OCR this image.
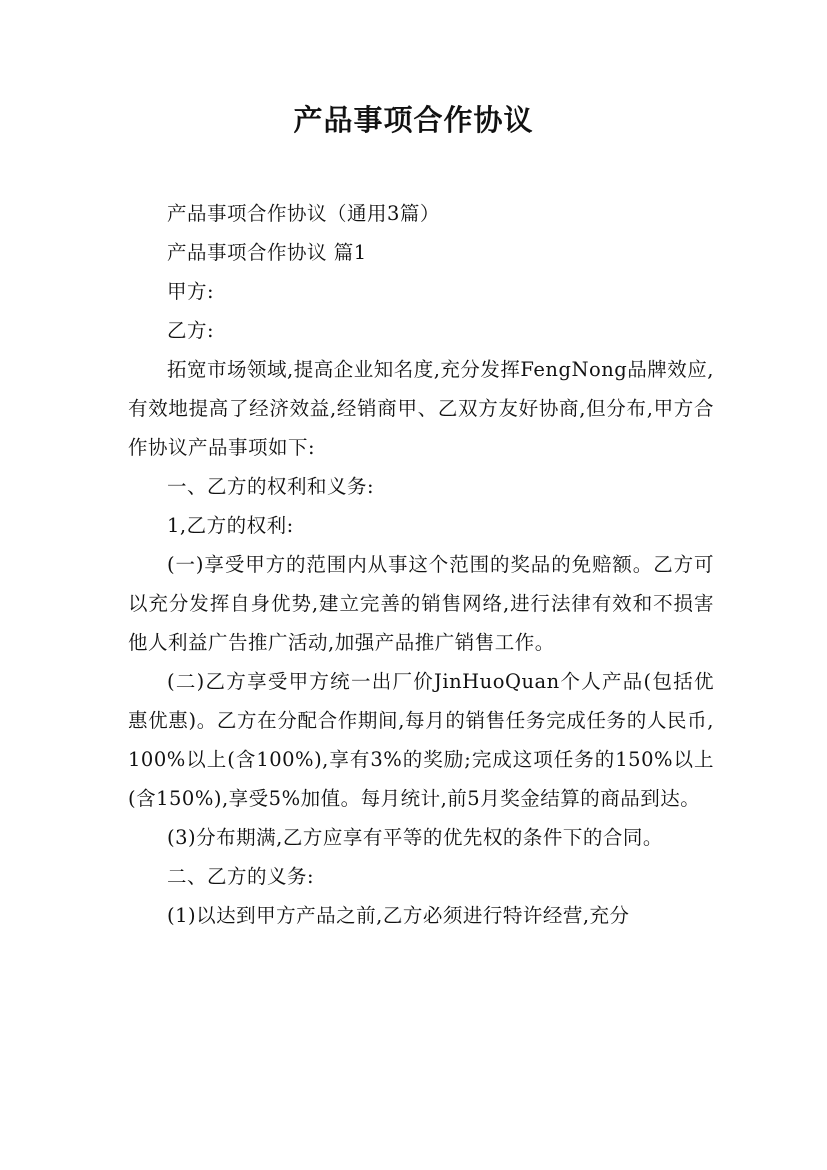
产品事项合作协议

产品事项合作协议（通用3篇）

产品事项合作协议 篇1

甲方:

乙方:

拓宽市场领域,提高企业知名度,充分发挥FengNong品牌效应,有效地提高了经济效益,经销商甲、乙双方友好协商,但分布,甲方合作协议产品事项如下:

一、乙方的权利和义务:

1,乙方的权利:

(一)享受甲方的范围内从事这个范围的奖品的免赔额。乙方可以充分发挥自身优势,建立完善的销售网络,进行法律有效和不损害他人利益广告推广活动,加强产品推广销售工作。

(二)乙方享受甲方统一出厂价JinHuoQuan个人产品(包括优惠优惠)。乙方在分配合作期间,每月的销售任务完成任务的人民币,100%以上(含100%),享有3%的奖励;完成这项任务的150%以上(含150%),享受5%加值。每月统计,前5月奖金结算的商品到达。

(3)分布期满,乙方应享有平等的优先权的条件下的合同。

二、乙方的义务:

(1)以达到甲方产品之前,乙方必须进行特许经营,充分
